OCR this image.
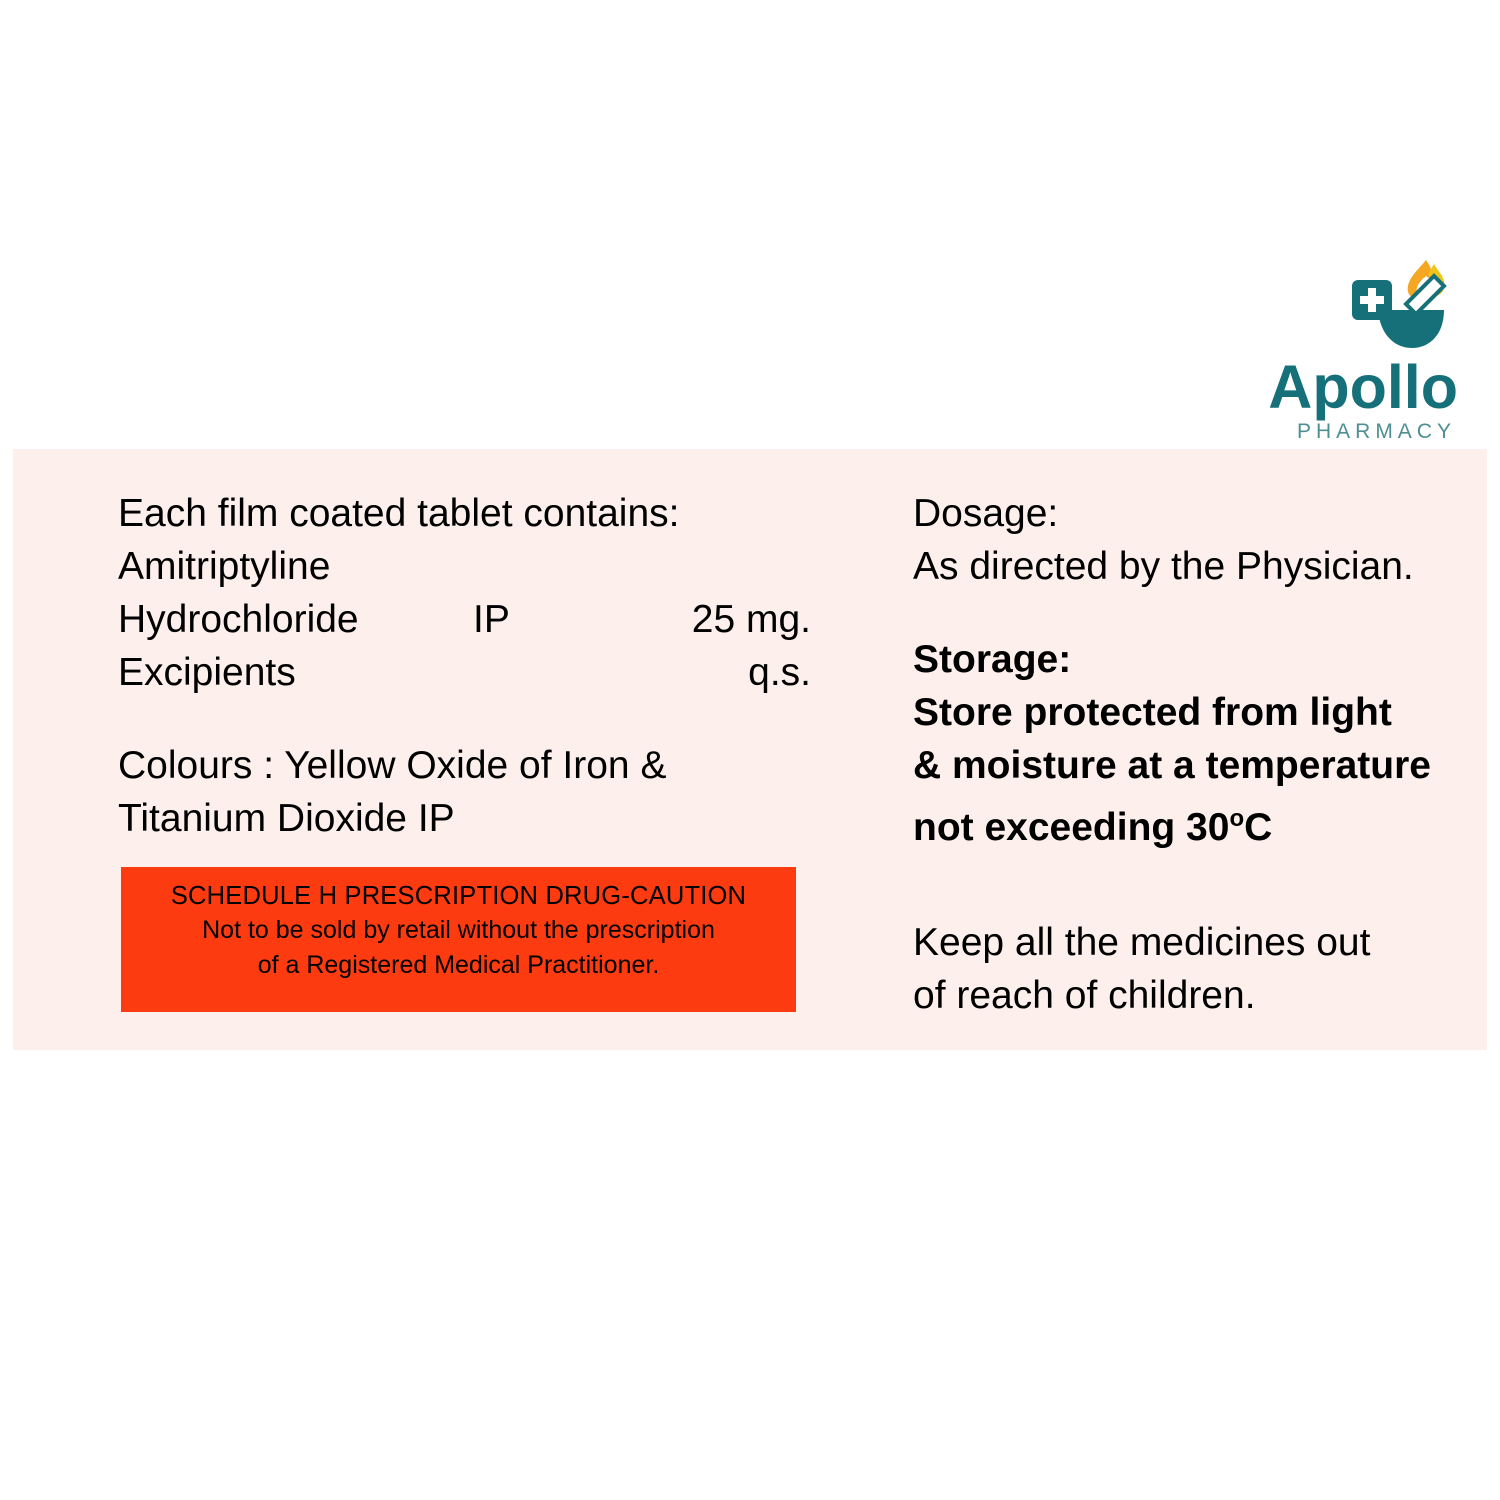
Apollo
PHARMACY
Each film coated tablet contains:
Amitriptyline
Hydrochloride	IP	25 mg.
Excipients	q.s.
Colours : Yellow Oxide of Iron &
Titanium Dioxide IP
SCHEDULE H PRESCRIPTION DRUG-CAUTION
Not to be sold by retail without the prescription
of a Registered Medical Practitioner.
Dosage:
As directed by the Physician.
Storage:
Store protected from light
& moisture at a temperature
not exceeding 30$^o$C
Keep all the medicines out
of reach of children.
